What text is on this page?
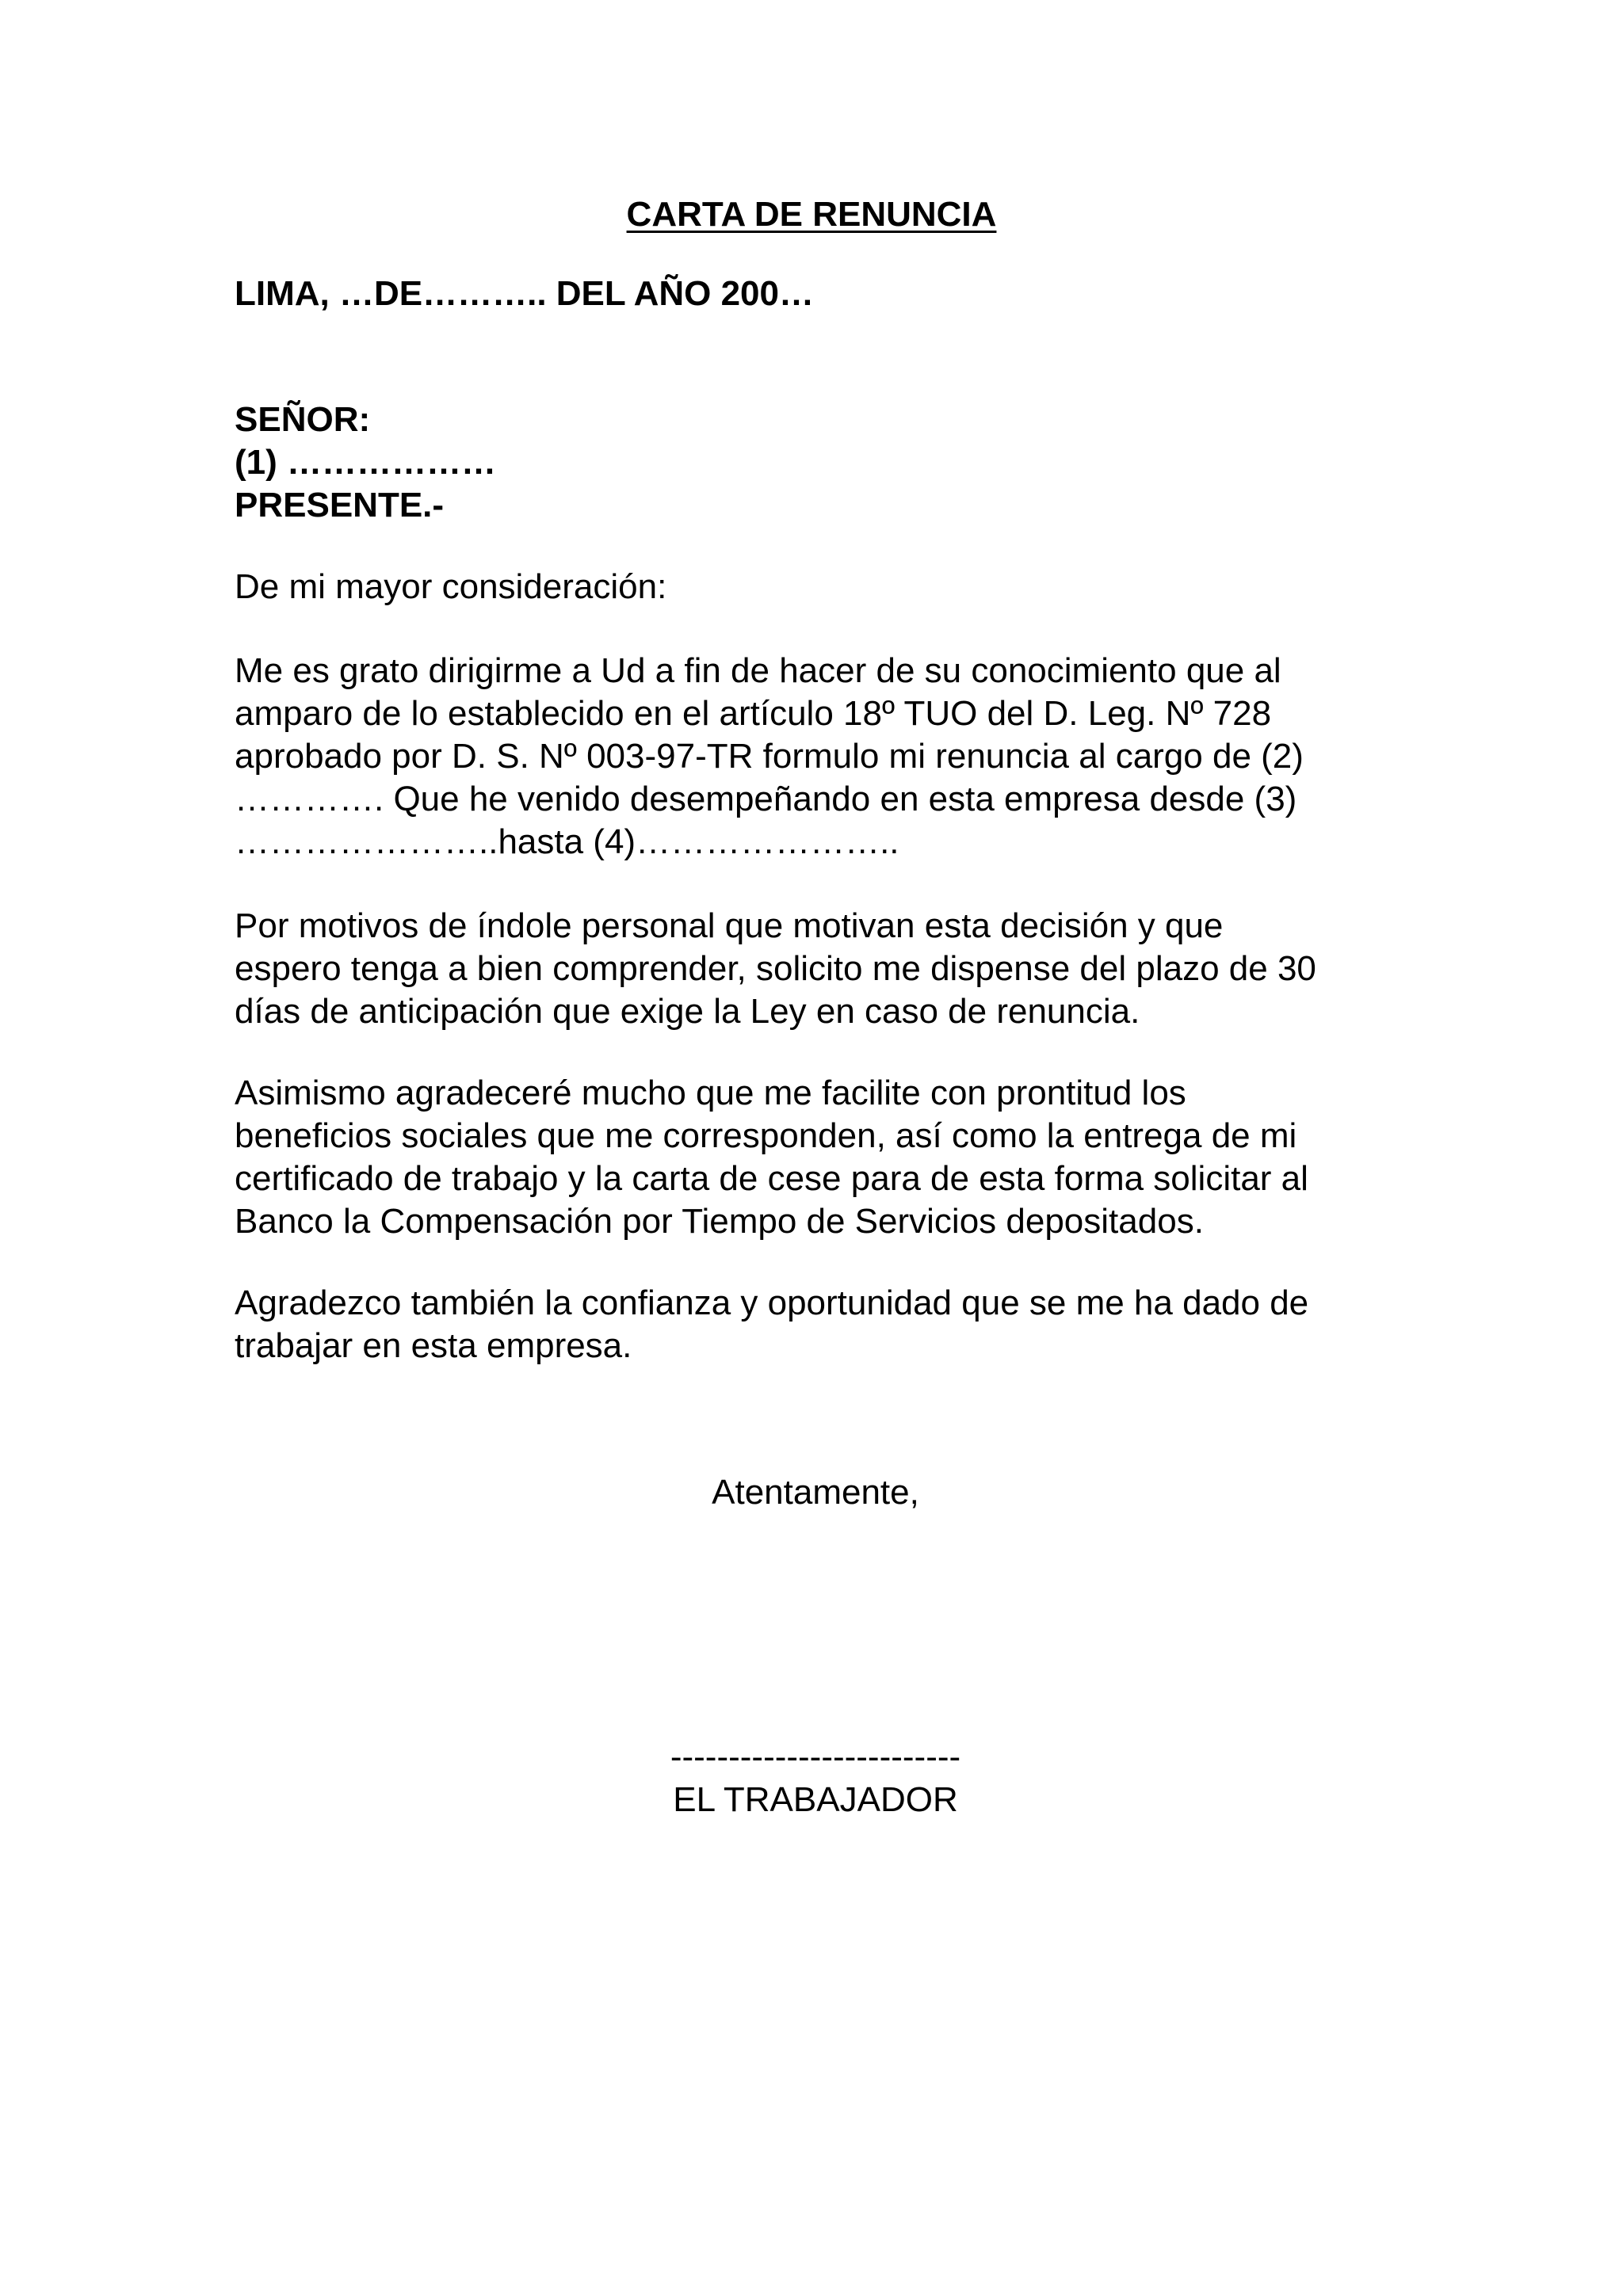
CARTA DE RENUNCIA
LIMA, …DE……….. DEL AÑO 200…
SEÑOR:
(1) ………………
PRESENTE.-
De mi mayor consideración:
Me es grato dirigirme a Ud a fin de hacer de su conocimiento que al
amparo de lo establecido en el artículo 18º TUO del D. Leg. Nº 728
aprobado por D. S. Nº 003-97-TR formulo mi renuncia al cargo de (2)
…………. Que he venido desempeñando en esta empresa desde (3)
…………………..hasta (4)…………………..
Por motivos de índole personal que motivan esta decisión y que
espero tenga a bien comprender, solicito me dispense del plazo de 30
días de anticipación que exige la Ley en caso de renuncia.
Asimismo agradeceré mucho que me facilite con prontitud los
beneficios sociales que me corresponden, así como la entrega de mi
certificado de trabajo y la carta de cese para de esta forma solicitar al
Banco la Compensación por Tiempo de Servicios depositados.
Agradezco también la confianza y oportunidad que se me ha dado de
trabajar en esta empresa.
Atentamente,
-------------------------
EL TRABAJADOR
